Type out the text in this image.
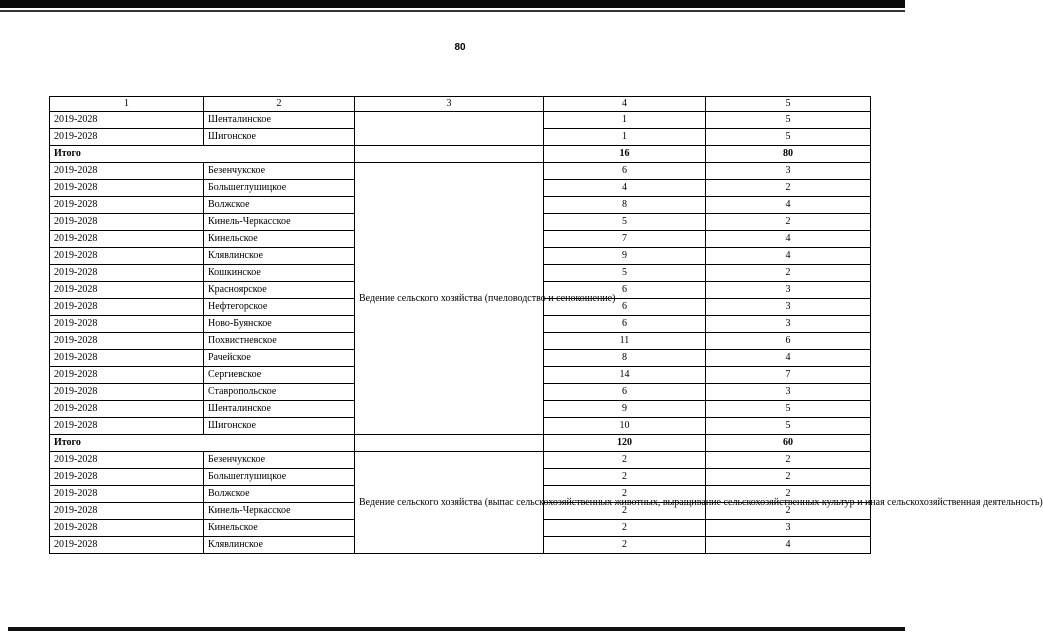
80
1	2	3	4	5
2019-2028	Шенталинское		1	5
2019-2028	Шигонское		1	5
Итого			16	80
2019-2028	Безенчукское	Ведение сельского хозяйства (пчеловодство и сенокошение)	6	3
2019-2028	Большеглушицкое		4	2
2019-2028	Волжское		8	4
2019-2028	Кинель-Черкасское		5	2
2019-2028	Кинельское		7	4
2019-2028	Клявлинское		9	4
2019-2028	Кошкинское		5	2
2019-2028	Красноярское		6	3
2019-2028	Нефтегорское		6	3
2019-2028	Ново-Буянское		6	3
2019-2028	Похвистневское		11	6
2019-2028	Рачейское		8	4
2019-2028	Сергиевское		14	7
2019-2028	Ставропольское		6	3
2019-2028	Шенталинское		9	5
2019-2028	Шигонское		10	5
Итого			120	60
2019-2028	Безенчукское	Ведение сельского хозяйства (выпас сельскохозяйственных животных, выращивание сельскохозяйственных культур и иная сельскохозяйственная деятельность)	2	2
2019-2028	Большеглушицкое		2	2
2019-2028	Волжское		2	2
2019-2028	Кинель-Черкасское		2	2
2019-2028	Кинельское		2	3
2019-2028	Клявлинское		2	4
